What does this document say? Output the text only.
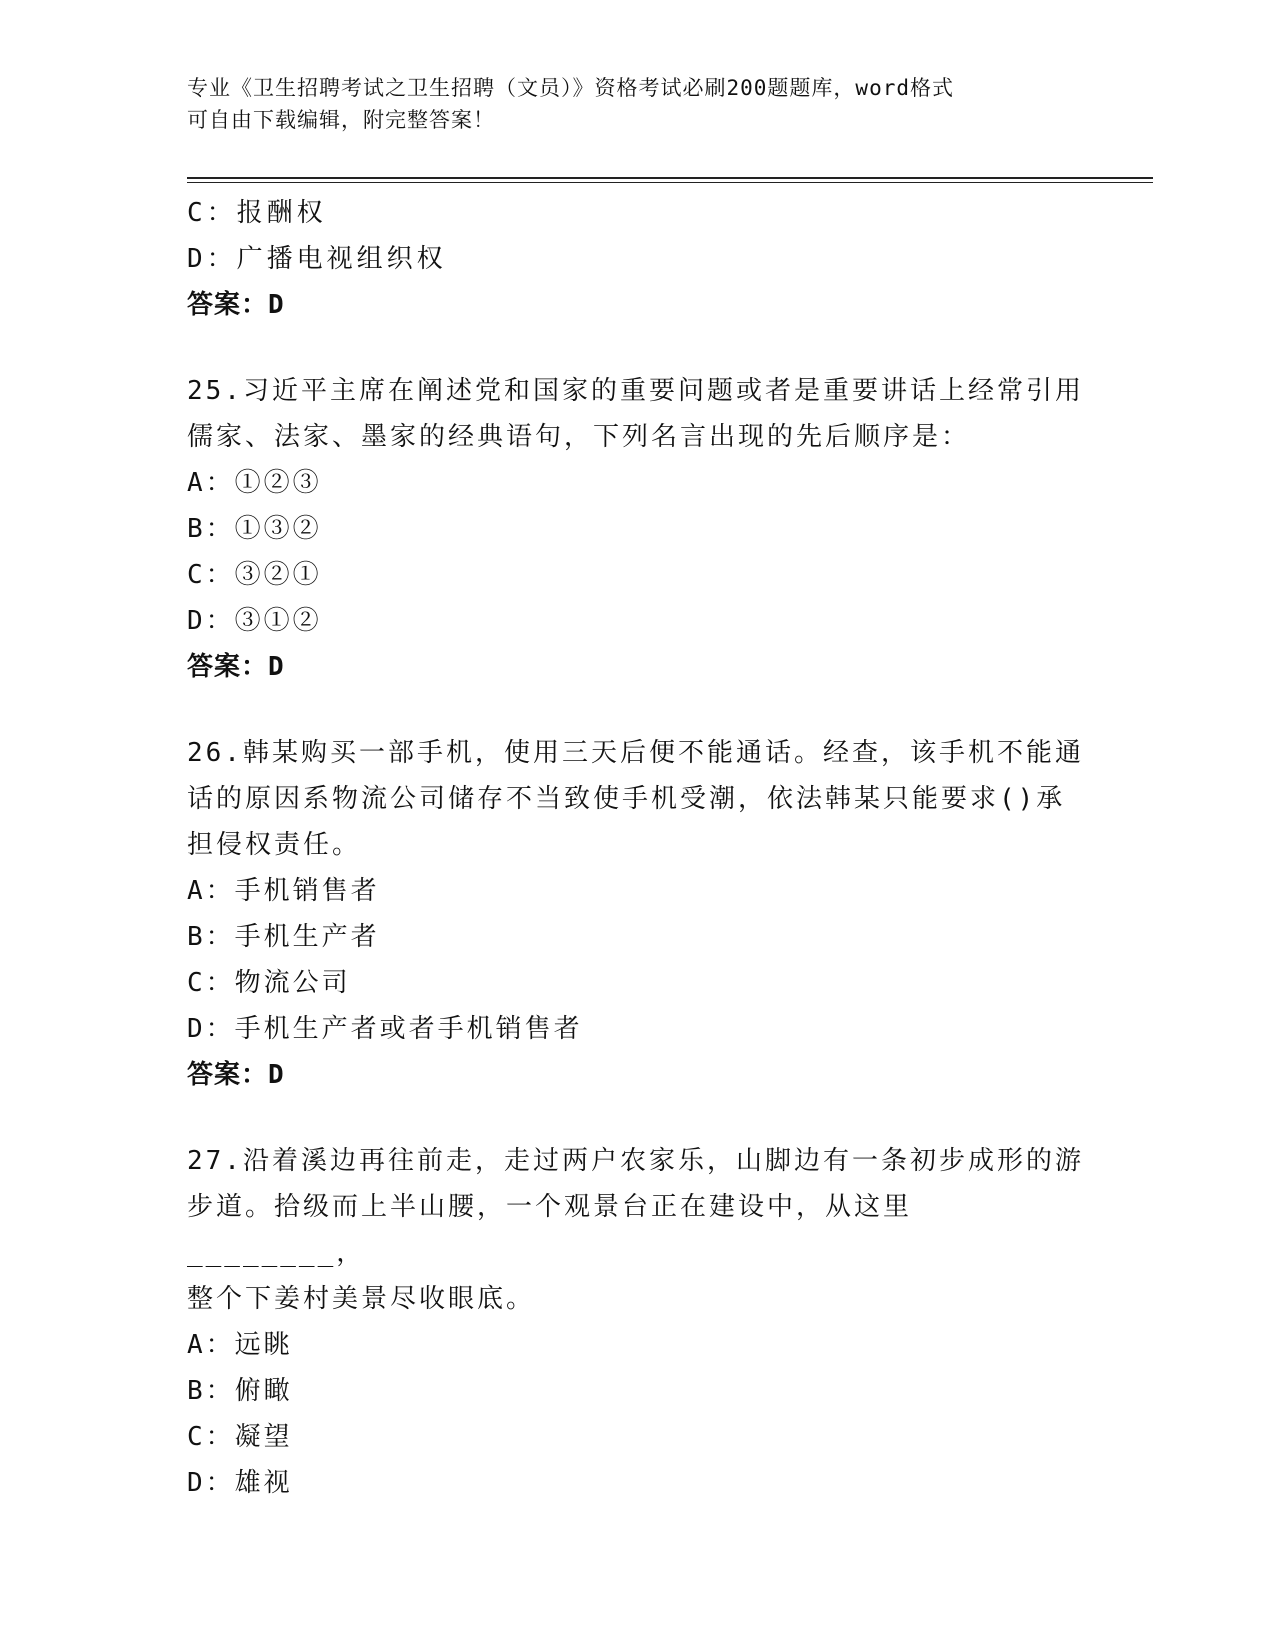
专业《卫生招聘考试之卫生招聘（文员）》资格考试必刷200题题库，word格式
可自由下载编辑，附完整答案！
C：报酬权
D：广播电视组织权
答案：D
25.习近平主席在阐述党和国家的重要问题或者是重要讲话上经常引用
儒家、法家、墨家的经典语句，下列名言出现的先后顺序是：
A：①②③
B：①③②
C：③②①
D：③①②
答案：D
26.韩某购买一部手机，使用三天后便不能通话。经查，该手机不能通
话的原因系物流公司储存不当致使手机受潮，依法韩某只能要求()承
担侵权责任。
A：手机销售者
B：手机生产者
C：物流公司
D：手机生产者或者手机销售者
答案：D
27.沿着溪边再往前走，走过两户农家乐，山脚边有一条初步成形的游
步道。拾级而上半山腰，一个观景台正在建设中，从这里________，
整个下姜村美景尽收眼底。
A：远眺
B：俯瞰
C：凝望
D：雄视
